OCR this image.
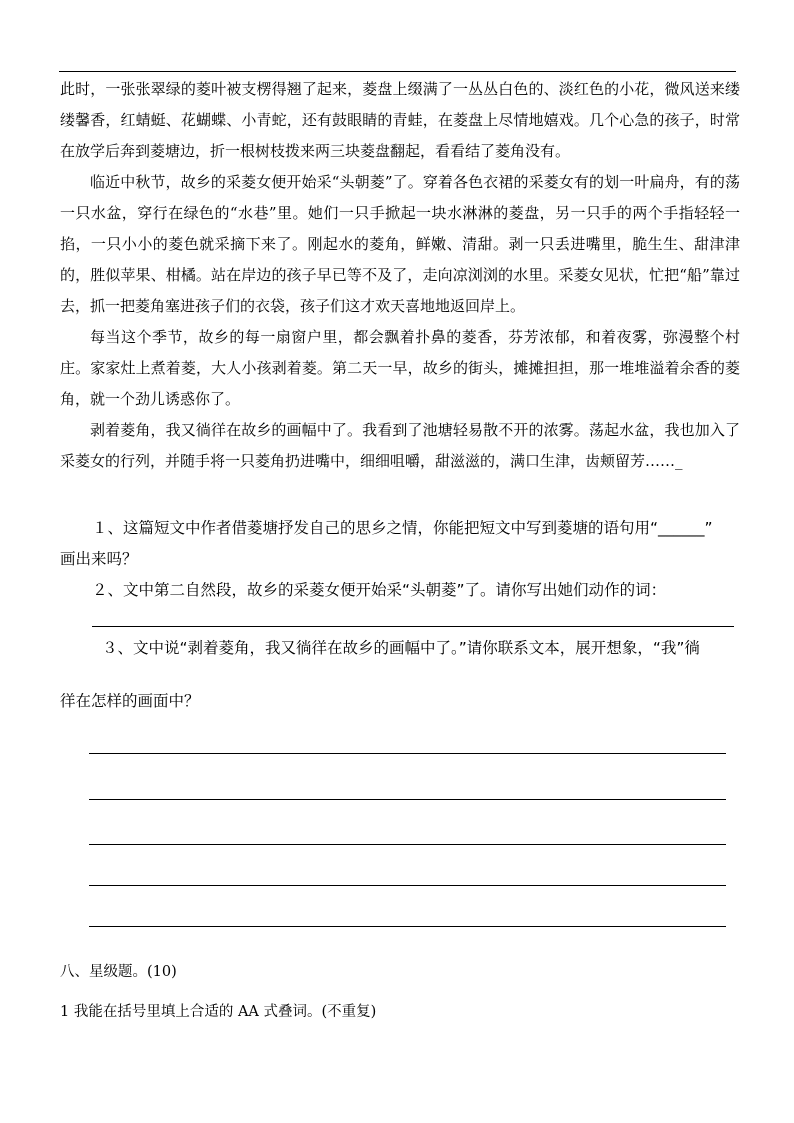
此时，一张张翠绿的菱叶被支楞得翘了起来，菱盘上缀满了一丛丛白色的、淡红色的小花，微风送来缕缕馨香，红蜻蜓、花蝴蝶、小青蛇，还有鼓眼睛的青蛙，在菱盘上尽情地嬉戏。几个心急的孩子，时常在放学后奔到菱塘边，折一根树枝拨来两三块菱盘翻起，看看结了菱角没有。

临近中秋节，故乡的采菱女便开始采“头朝菱”了。穿着各色衣裙的采菱女有的划一叶扁舟，有的荡一只水盆，穿行在绿色的“水巷”里。她们一只手掀起一块水淋淋的菱盘，另一只手的两个手指轻轻一掐，一只小小的菱色就采摘下来了。刚起水的菱角，鲜嫩、清甜。剥一只丢进嘴里，脆生生、甜津津的，胜似苹果、柑橘。站在岸边的孩子早已等不及了，走向凉浏浏的水里。采菱女见状，忙把“船”靠过去，抓一把菱角塞进孩子们的衣袋，孩子们这才欢天喜地地返回岸上。

每当这个季节，故乡的每一扇窗户里，都会飘着扑鼻的菱香，芬芳浓郁，和着夜雾，弥漫整个村庄。家家灶上煮着菱，大人小孩剥着菱。第二天一早，故乡的街头，摊摊担担，那一堆堆溢着余香的菱角，就一个劲儿诱惑你了。

剥着菱角，我又徜徉在故乡的画幅中了。我看到了池塘轻易散不开的浓雾。荡起水盆，我也加入了采菱女的行列，并随手将一只菱角扔进嘴中，细细咀嚼，甜滋滋的，满口生津，齿颊留芳……_

１、这篇短文中作者借菱塘抒发自己的思乡之情，你能把短文中写到菱塘的语句用“______”

画出来吗？

２、文中第二自然段，故乡的采菱女便开始采“头朝菱”了。请你写出她们动作的词：

３、文中说“剥着菱角，我又徜徉在故乡的画幅中了。”请你联系文本，展开想象，“我”徜

徉在怎样的画面中？

八、星级题。(10)

1 我能在括号里填上合适的 AA 式叠词。(不重复)
